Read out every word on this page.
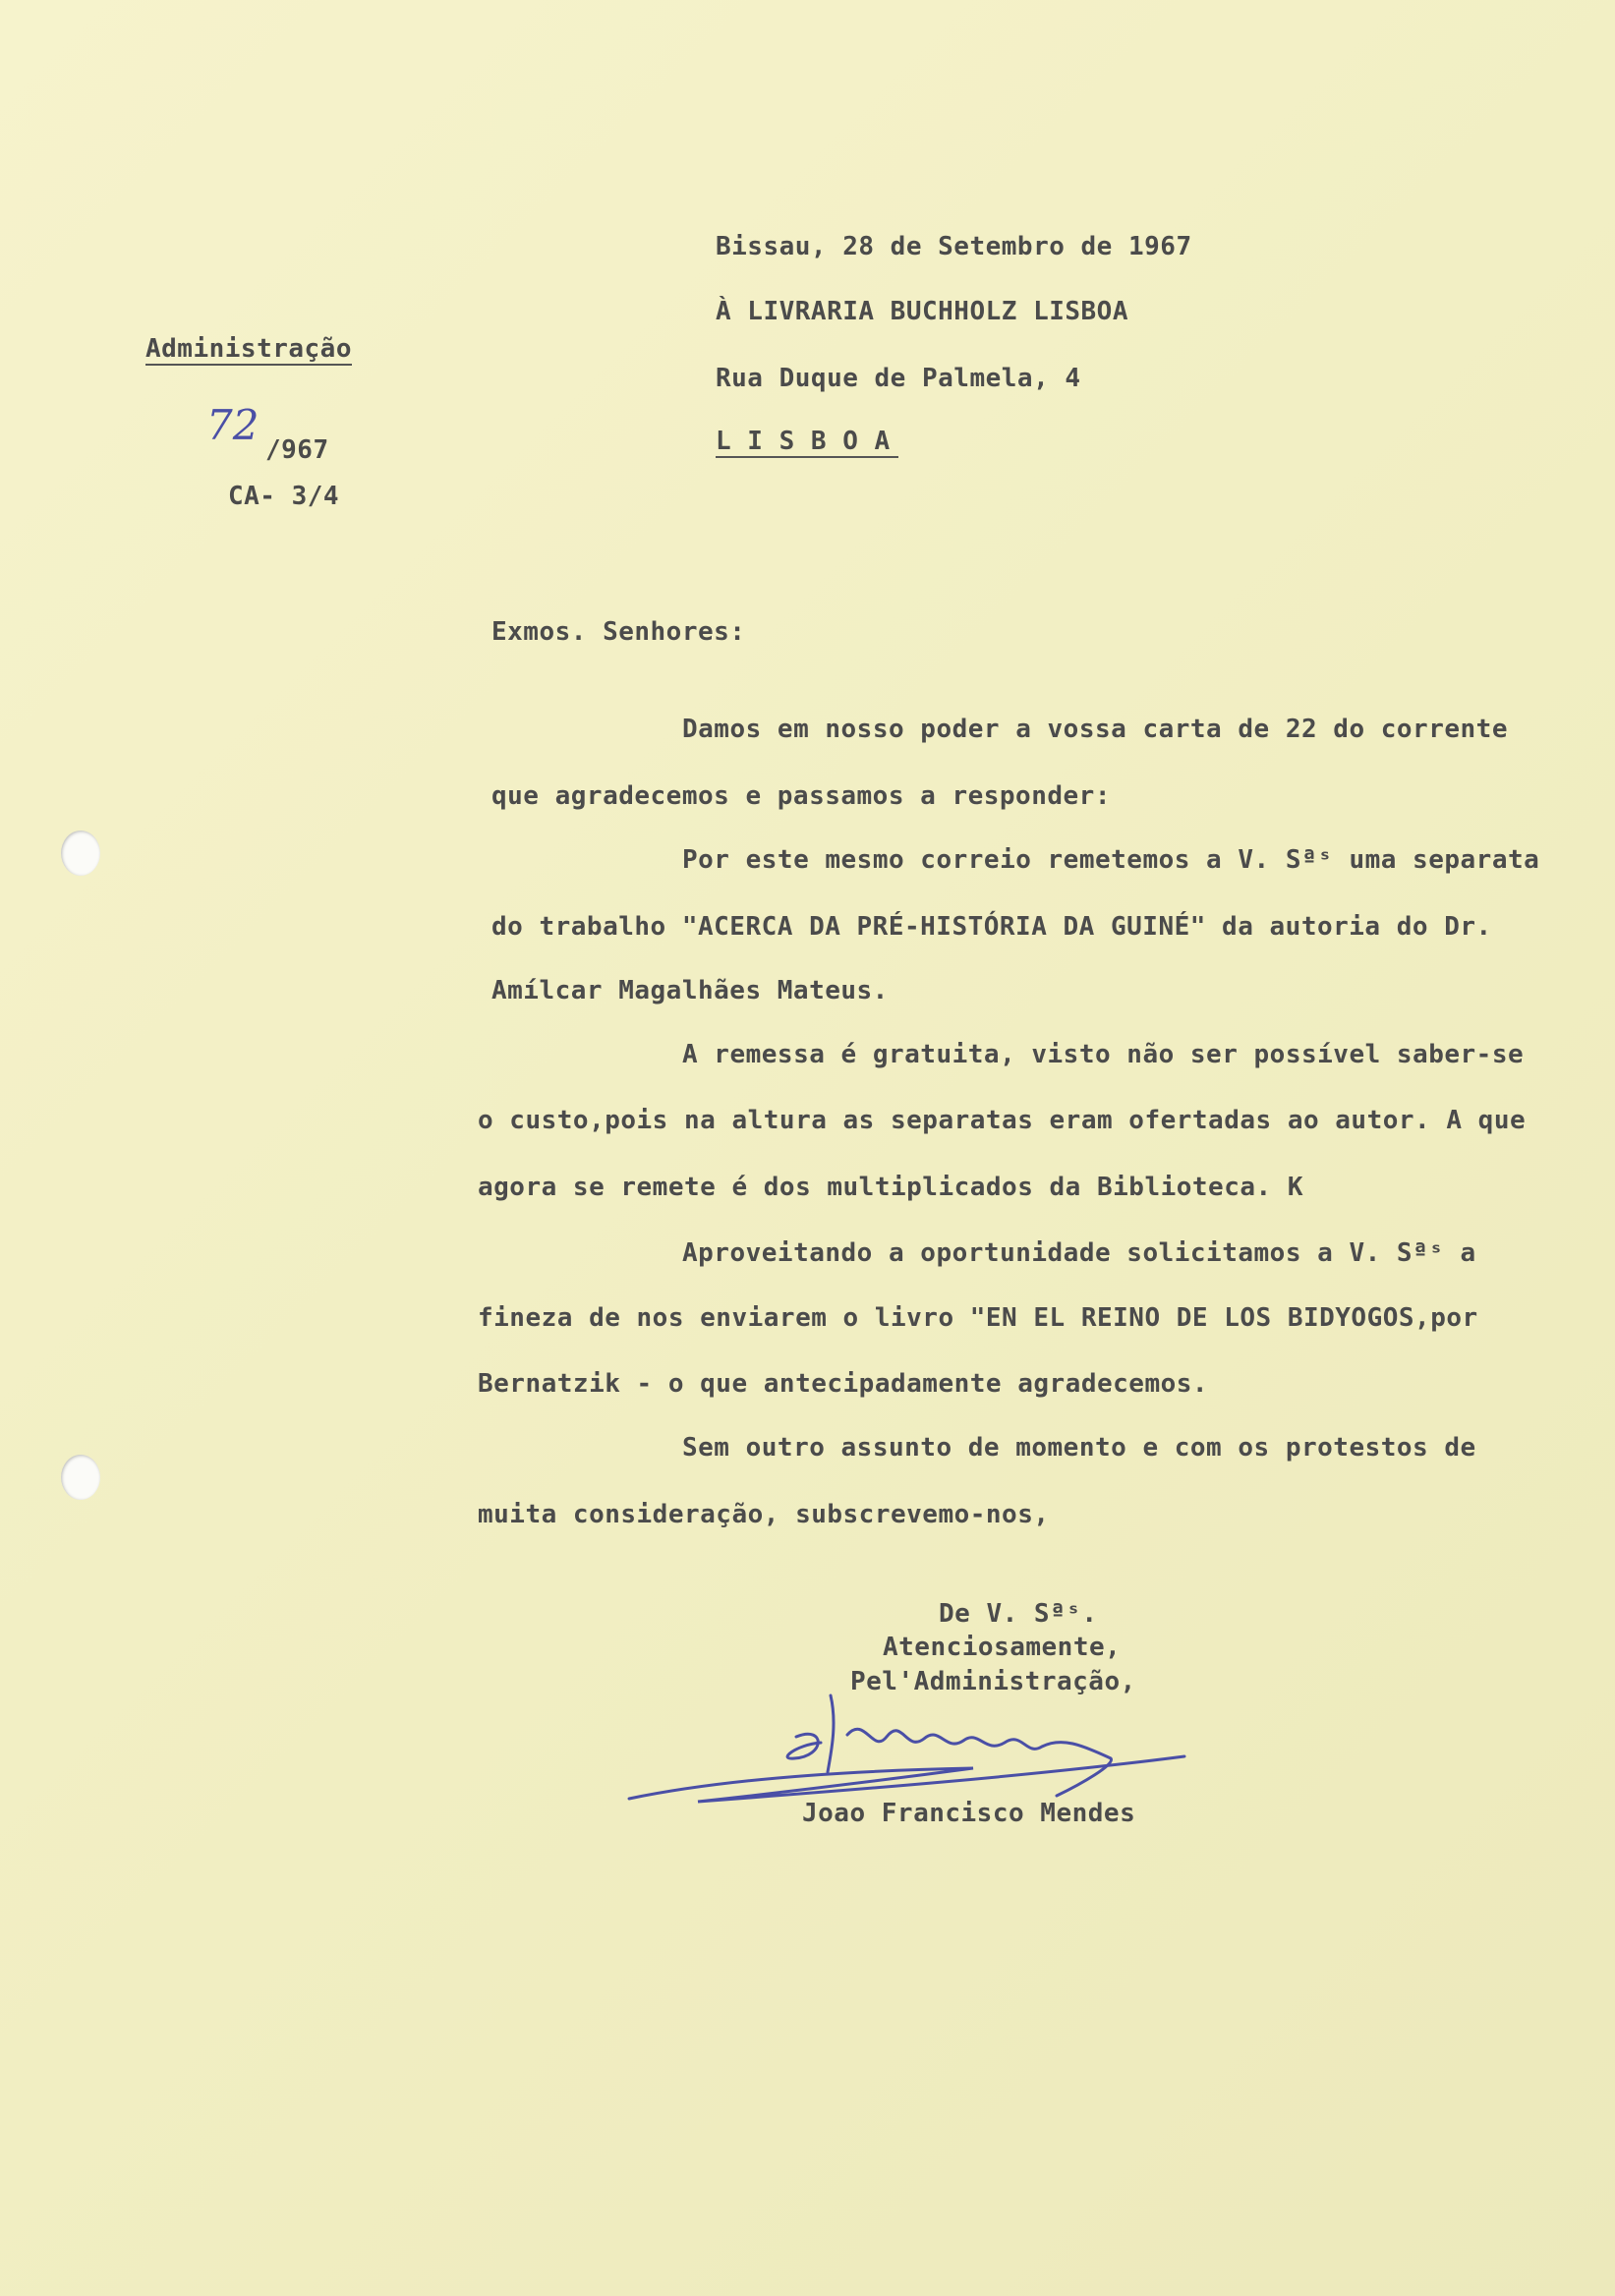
Administração
72
/967
CA- 3/4
Bissau, 28 de Setembro de 1967
À LIVRARIA BUCHHOLZ LISBOA
Rua Duque de Palmela, 4
L I S B O A
Exmos. Senhores:
Damos em nosso poder a vossa carta de 22 do corrente
que agradecemos e passamos a responder:
Por este mesmo correio remetemos a V. Sªˢ uma separata
do trabalho "ACERCA DA PRÉ-HISTÓRIA DA GUINÉ" da autoria do Dr.
Amílcar Magalhães Mateus.
A remessa é gratuita, visto não ser possível saber-se
o custo,pois na altura as separatas eram ofertadas ao autor. A que
agora se remete é dos multiplicados da Biblioteca. K
Aproveitando a oportunidade solicitamos a V. Sªˢ a
fineza de nos enviarem o livro "EN EL REINO DE LOS BIDYOGOS,por
Bernatzik - o que antecipadamente agradecemos.
Sem outro assunto de momento e com os protestos de
muita consideração, subscrevemo-nos,
De V. Sªˢ.
Atenciosamente,
Pel'Administração,
Joao Francisco Mendes
